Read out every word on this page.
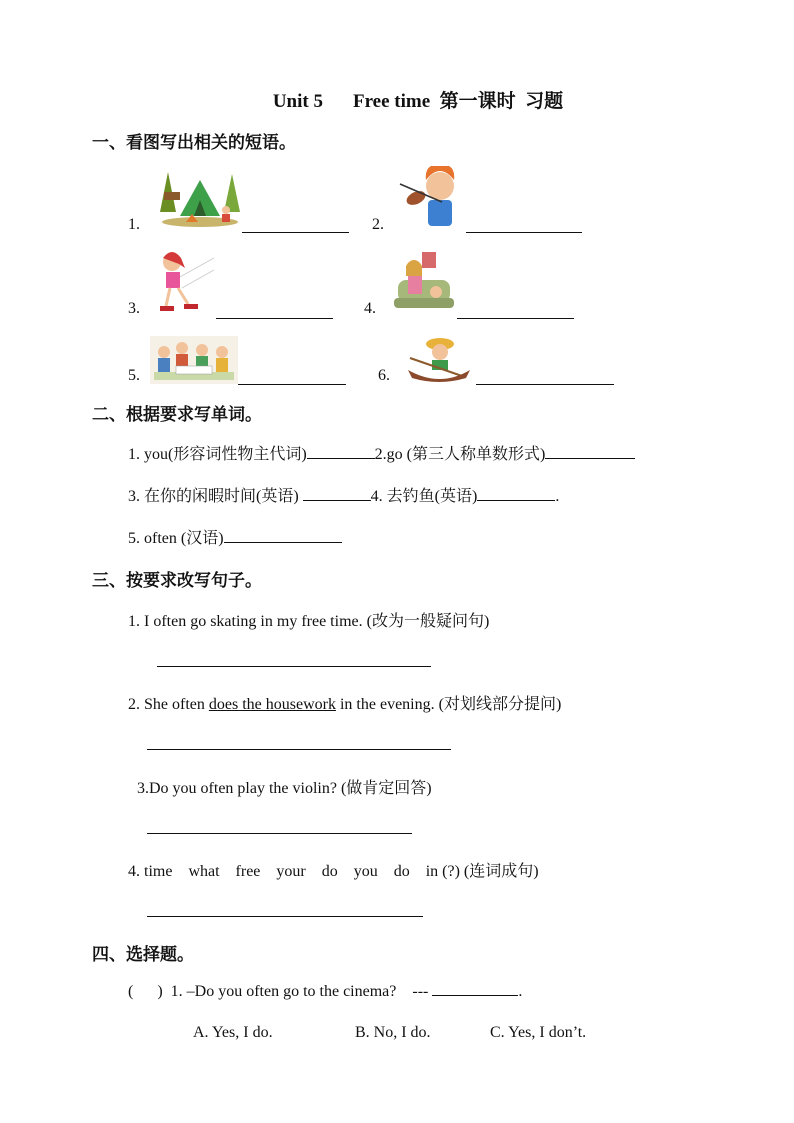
Unit 5 Free time 第一课时 习题
一、看图写出相关的短语。
1.	2.
3.	4.
5.	6.
二、根据要求写单词。
1. you(形容词性物主代词)	2.go (第三人称单数形式)
3. 在你的闲暇时间(英语)	4. 去钓鱼(英语)	.
5. often (汉语)
三、按要求改写句子。
1. I often go skating in my free time. (改为一般疑问句)
2. She often does the housework in the evening. (对划线部分提问)
3.Do you often play the violin? (做肯定回答)
4. time    what    free    your    do    you    do    in (?) (连词成句)
四、选择题。
( )  1. –Do you often go to the cinema?    ---	.
A. Yes, I do.	B. No, I do.	C. Yes, I don’t.
